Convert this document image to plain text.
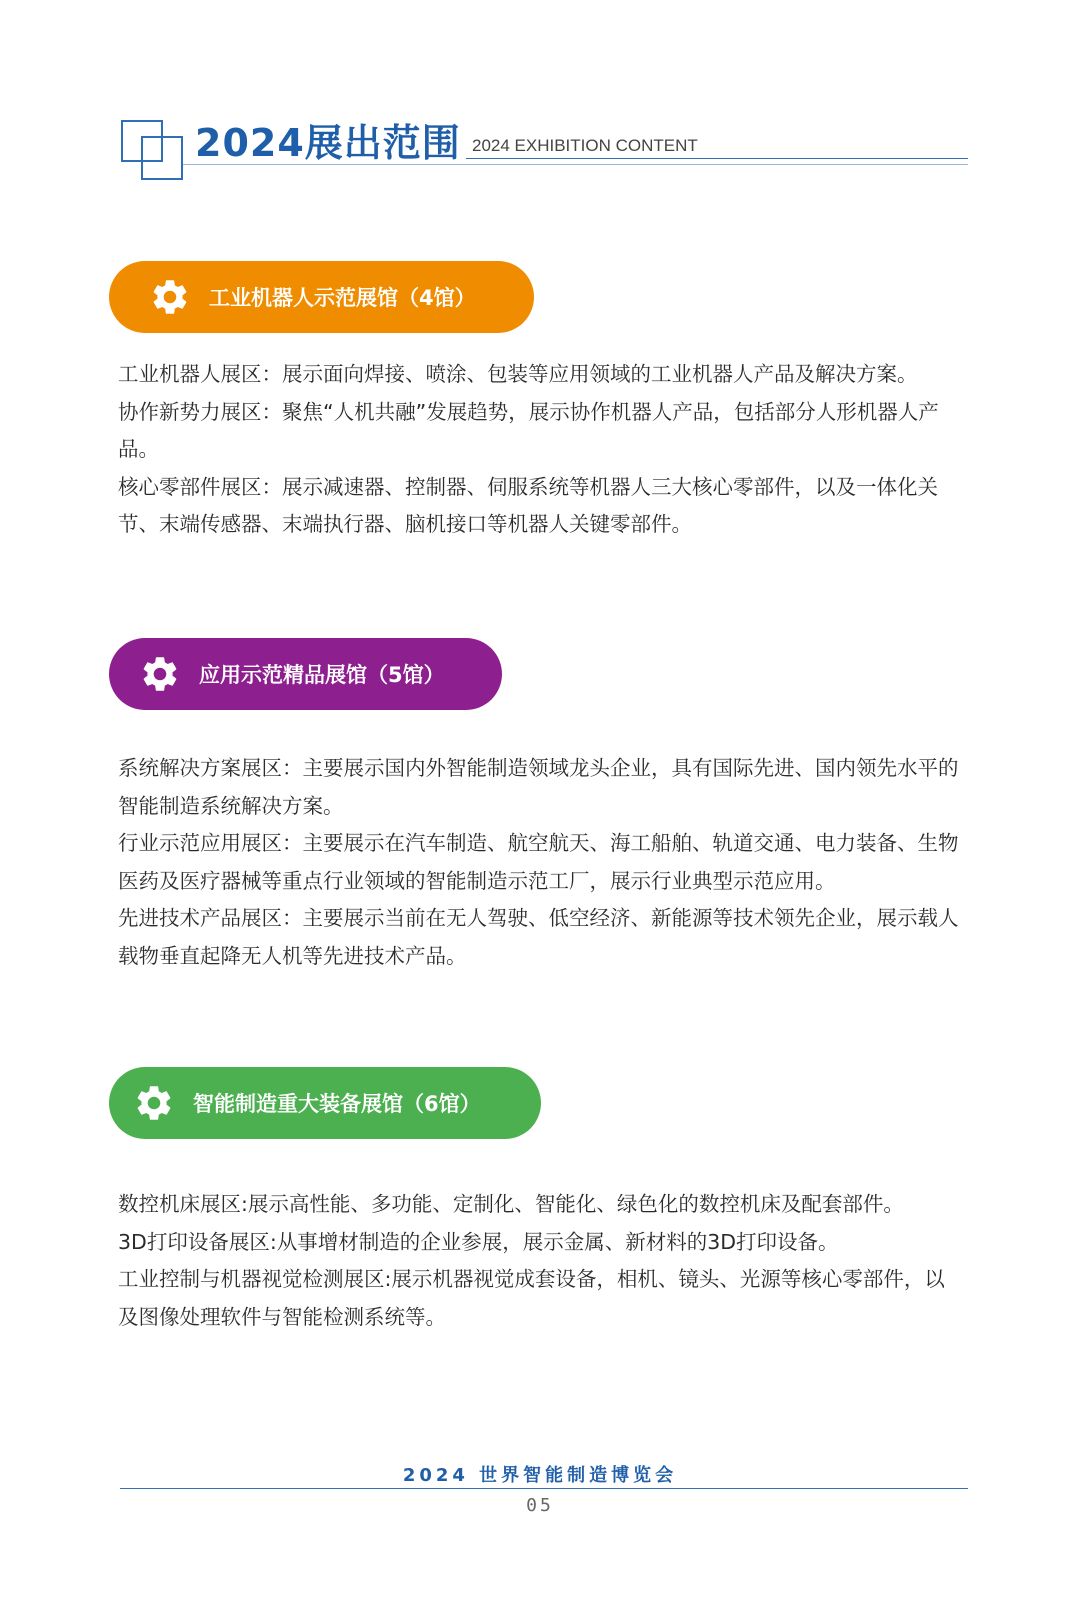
2024展出范围 2024 EXHIBITION CONTENT
工业机器人示范展馆（4馆）

工业机器人展区：展示面向焊接、喷涂、包装等应用领域的工业机器人产品及解决方案。

协作新势力展区：聚焦“人机共融”发展趋势，展示协作机器人产品，包括部分人形机器人产品。

核心零部件展区：展示减速器、控制器、伺服系统等机器人三大核心零部件，以及一体化关节、末端传感器、末端执行器、脑机接口等机器人关键零部件。

应用示范精品展馆（5馆）

系统解决方案展区：主要展示国内外智能制造领域龙头企业，具有国际先进、国内领先水平的智能制造系统解决方案。

行业示范应用展区：主要展示在汽车制造、航空航天、海工船舶、轨道交通、电力装备、生物医药及医疗器械等重点行业领域的智能制造示范工厂，展示行业典型示范应用。

先进技术产品展区：主要展示当前在无人驾驶、低空经济、新能源等技术领先企业，展示载人载物垂直起降无人机等先进技术产品。

智能制造重大装备展馆（6馆）

数控机床展区:展示高性能、多功能、定制化、智能化、绿色化的数控机床及配套部件。

3D打印设备展区:从事增材制造的企业参展，展示金属、新材料的3D打印设备。

工业控制与机器视觉检测展区:展示机器视觉成套设备，相机、镜头、光源等核心零部件，以及图像处理软件与智能检测系统等。

2024 世界智能制造博览会
05
